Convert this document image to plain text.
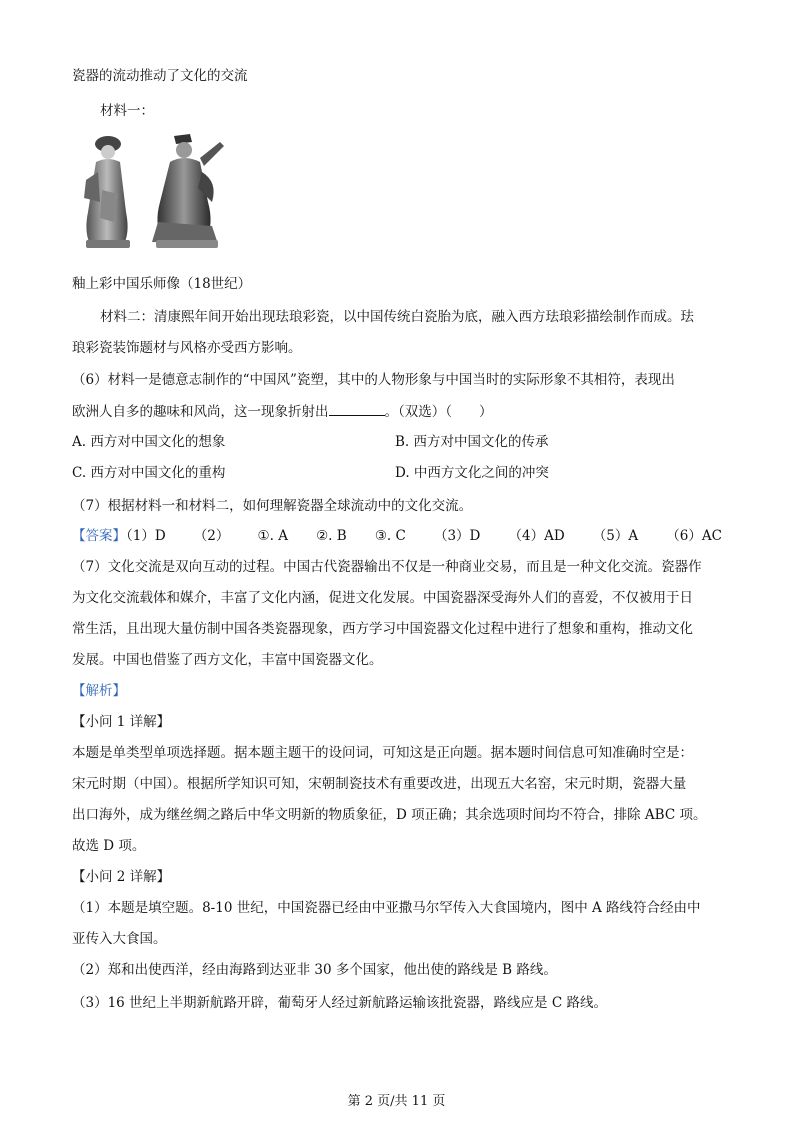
瓷器的流动推动了文化的交流
材料一：
釉上彩中国乐师像（18世纪）
材料二：清康熙年间开始出现珐琅彩瓷，以中国传统白瓷胎为底，融入西方珐琅彩描绘制作而成。珐
琅彩瓷装饰题材与风格亦受西方影响。
（6）材料一是德意志制作的“中国风”瓷塑，其中的人物形象与中国当时的实际形象不其相符，表现出
欧洲人自多的趣味和风尚，这一现象折射出	。（双选）（　　）
A. 西方对中国文化的想象	B. 西方对中国文化的传承
C. 西方对中国文化的重构	D. 中西方文化之间的冲突
（7）根据材料一和材料二，如何理解瓷器全球流动中的文化交流。
【答案】（1）D （2） ①. A ②. B ③. C （3）D （4）AD （5）A （6）AC
（7）文化交流是双向互动的过程。中国古代瓷器输出不仅是一种商业交易，而且是一种文化交流。瓷器作
为文化交流载体和媒介，丰富了文化内涵，促进文化发展。中国瓷器深受海外人们的喜爱，不仅被用于日
常生活，且出现大量仿制中国各类瓷器现象，西方学习中国瓷器文化过程中进行了想象和重构，推动文化
发展。中国也借鉴了西方文化，丰富中国瓷器文化。
【解析】
【小问 1 详解】
本题是单类型单项选择题。据本题主题干的设问词，可知这是正向题。据本题时间信息可知准确时空是：
宋元时期（中国）。根据所学知识可知，宋朝制瓷技术有重要改进，出现五大名窑，宋元时期，瓷器大量
出口海外，成为继丝绸之路后中华文明新的物质象征，D 项正确；其余选项时间均不符合，排除 ABC 项。
故选 D 项。
【小问 2 详解】
（1）本题是填空题。8-10 世纪，中国瓷器已经由中亚撒马尔罕传入大食国境内，图中 A 路线符合经由中
亚传入大食国。
（2）郑和出使西洋，经由海路到达亚非 30 多个国家，他出使的路线是 B 路线。
（3）16 世纪上半期新航路开辟，葡萄牙人经过新航路运输该批瓷器，路线应是 C 路线。
第 2 页/共 11 页
